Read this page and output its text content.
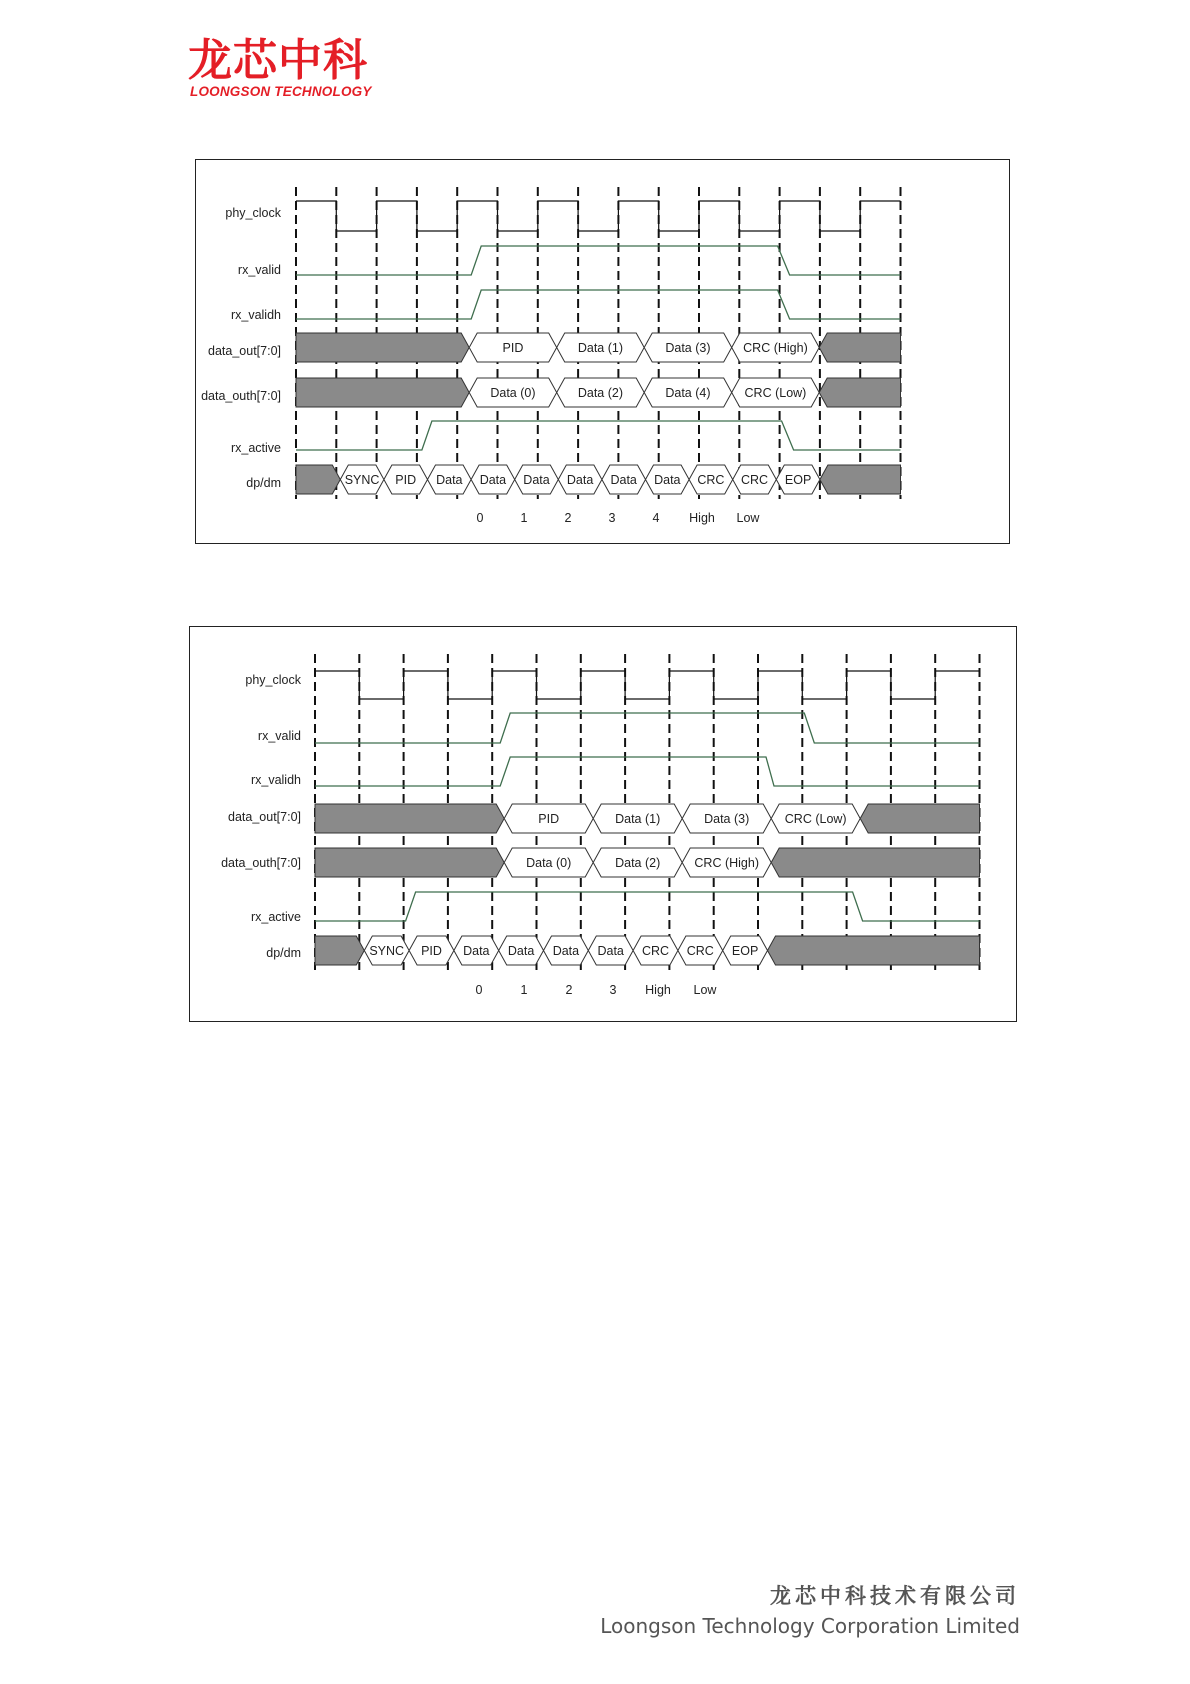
龙芯中科
LOONGSON TECHNOLOGY
phy_clock
rx_valid
rx_validh
data_out[7:0]
data_outh[7:0]
rx_active
dp/dm
PID	Data (1)	Data (3)	CRC (High)
Data (0)	Data (2)	Data (4)	CRC (Low)
SYNC PID Data Data Data Data Data Data CRC CRC EOP
0	1	2	3	4 High Low
phy_clock
rx_valid
rx_validh
data_out[7:0]
data_outh[7:0]
rx_active
dp/dm
PID	Data (1)	Data (3)	CRC (Low)
Data (0)	Data (2)	CRC (High)
SYNC PID Data Data Data Data CRC CRC EOP
0	1	2	3 High Low
龙芯中科技术有限公司
Loongson Technology Corporation Limited
